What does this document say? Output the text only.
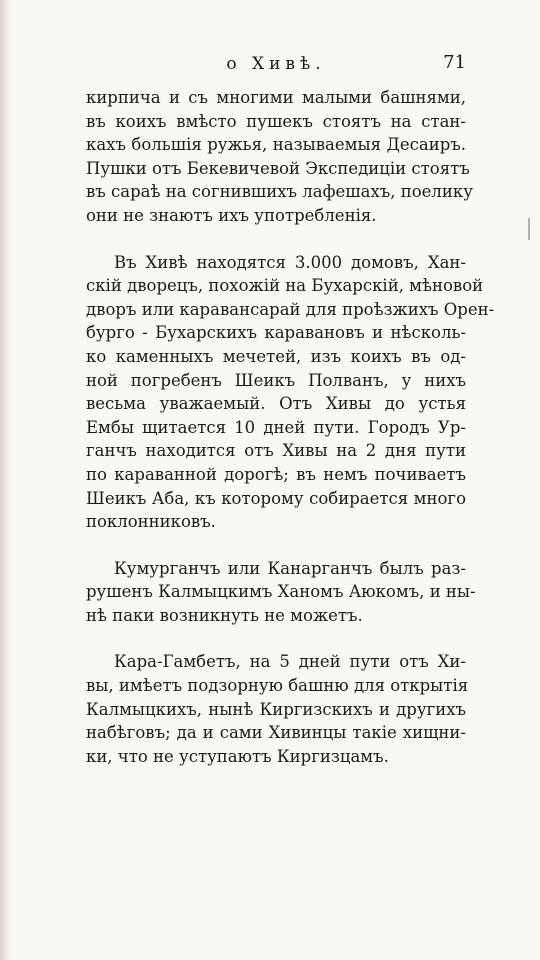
о Хивѣ.	71
кирпича и съ многими малыми башнями,
въ коихъ вмѣсто пушекъ стоятъ на стан-
кахъ большія ружья, называемыя Десаиръ.
Пушки отъ Бекевичевой Экспедиціи стоятъ
въ сараѣ на согнившихъ лафешахъ, поелику
они не знаютъ ихъ употребленія.
Въ Хивѣ находятся 3.000 домовъ, Хан-
скій дворецъ, похожій на Бухарскій, мѣновой
дворъ или каравансарай для проѣзжихъ Орен-
бурго - Бухарскихъ каравановъ и нѣсколь-
ко каменныхъ мечетей, изъ коихъ въ од-
ной погребенъ Шеикъ Полванъ, у нихъ
весьма уважаемый. Отъ Хивы до устья
Ембы щитается 10 дней пути. Городъ Ур-
ганчъ находится отъ Хивы на 2 дня пути
по караванной дорогѣ; въ немъ почиваетъ
Шеикъ Аба, къ которому собирается много
поклонниковъ.
Кумурганчъ или Канарганчъ былъ раз-
рушенъ Калмыцкимъ Ханомъ Аюкомъ, и ны-
нѣ паки возникнуть не можетъ.
Кара-Гамбетъ, на 5 дней пути отъ Хи-
вы, имѣетъ подзорную башню для открытія
Калмыцкихъ, нынѣ Киргизскихъ и другихъ
набѣговъ; да и сами Хивинцы такіе хищни-
ки, что не уступаютъ Киргизцамъ.
